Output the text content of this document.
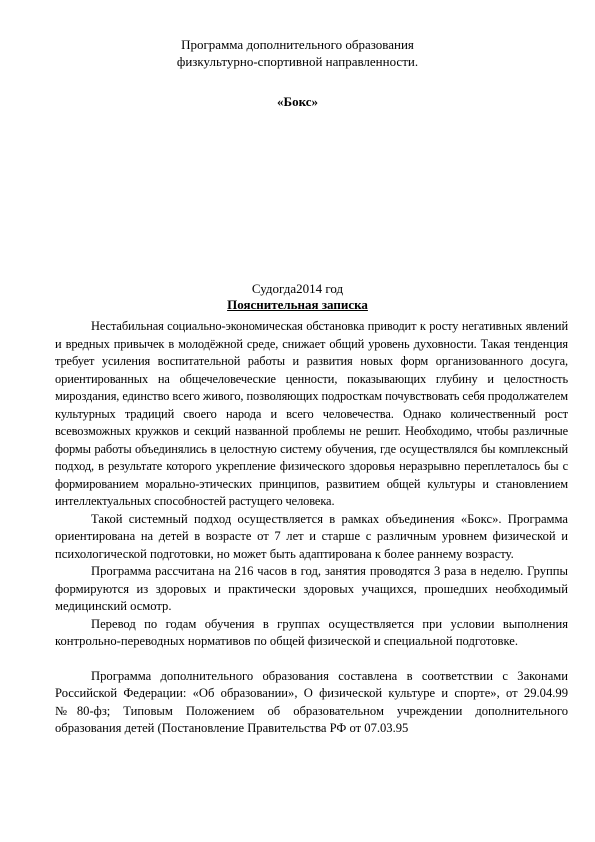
Программа дополнительного образования
физкультурно-спортивной направленности.
«Бокс»
Судогда2014 год
Пояснительная записка

Нестабильная социально-экономическая обстановка приводит к росту негативных явлений и вредных привычек в молодёжной среде, снижает общий уровень духовности. Такая тенденция требует усиления воспитательной работы и развития новых форм организованного досуга, ориентированных на общечеловеческие ценности, показывающих глубину и целостность мироздания, единство всего живого, позволяющих подросткам почувствовать себя продолжателем культурных традиций своего народа и всего человечества. Однако количественный рост всевозможных кружков и секций названной проблемы не решит. Необходимо, чтобы различные формы работы объединялись в целостную систему обучения, где осуществлялся бы комплексный подход, в результате которого укрепление физического здоровья неразрывно переплеталось бы с формированием морально-этических принципов, развитием общей культуры и становлением интеллектуальных способностей растущего человека.

Такой системный подход осуществляется в рамках объединения «Бокс». Программа ориентирована на детей в возрасте от 7 лет и старше с различным уровнем физической и психологической подготовки, но может быть адаптирована к более раннему возрасту.

Программа рассчитана на 216 часов в год, занятия проводятся 3 раза в неделю. Группы формируются из здоровых и практически здоровых учащихся, прошедших необходимый медицинский осмотр.

Перевод по годам обучения в группах осуществляется при условии выполнения контрольно-переводных нормативов по общей физической и специальной подготовке.

Программа дополнительного образования составлена в соответствии с Законами Российской Федерации: «Об образовании», О физической культуре и спорте», от 29.04.99 №80-фз; Типовым Положением об образовательном учреждении дополнительного образования детей (Постановление Правительства РФ от 07.03.95
